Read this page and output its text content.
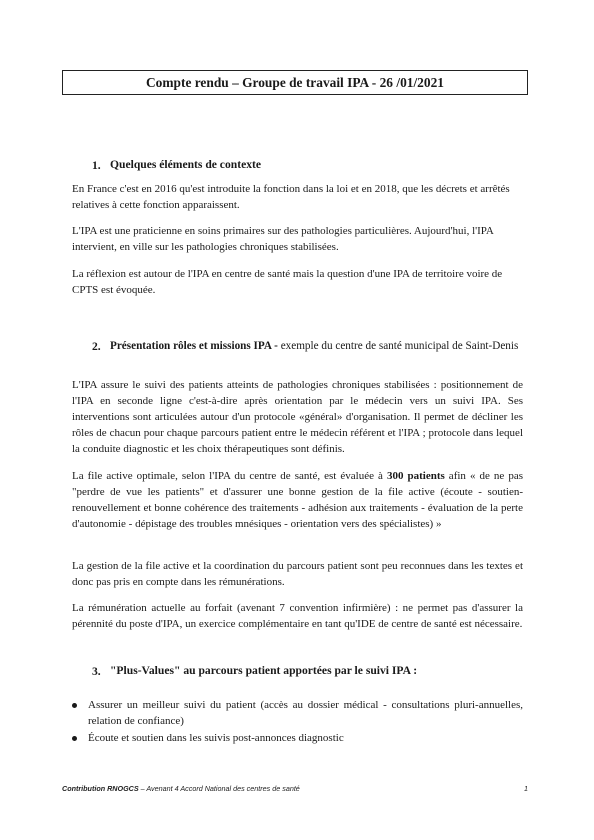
Compte rendu – Groupe de travail IPA - 26 /01/2021
1. Quelques éléments de contexte

En France c'est en 2016 qu'est introduite la fonction dans la loi et en 2018, que les décrets et arrêtés relatives à cette fonction apparaissent.

L'IPA est une praticienne en soins primaires sur des pathologies particulières. Aujourd'hui, l'IPA intervient, en ville sur les pathologies chroniques stabilisées.

La réflexion est autour de l'IPA en centre de santé mais la question d'une IPA de territoire voire de CPTS est évoquée.

2. Présentation rôles et missions IPA - exemple du centre de santé municipal de Saint-Denis

L'IPA assure le suivi des patients atteints de pathologies chroniques stabilisées : positionnement de l'IPA en seconde ligne c'est-à-dire après orientation par le médecin vers un suivi IPA. Ses interventions sont articulées autour d'un protocole «général» d'organisation. Il permet de décliner les rôles de chacun pour chaque parcours patient entre le médecin référent et l'IPA ; protocole dans lequel la conduite diagnostic et les choix thérapeutiques sont définis.

La file active optimale, selon l'IPA du centre de santé, est évaluée à 300 patients afin « de ne pas "perdre de vue les patients" et d'assurer une bonne gestion de la file active (écoute - soutien- renouvellement et bonne cohérence des traitements - adhésion aux traitements - évaluation de la perte d'autonomie - dépistage des troubles mnésiques - orientation vers des spécialistes) »

La gestion de la file active et la coordination du parcours patient sont peu reconnues dans les textes et donc pas pris en compte dans les rémunérations.

La rémunération actuelle au forfait (avenant 7 convention infirmière) : ne permet pas d'assurer la pérennité du poste d'IPA, un exercice complémentaire en tant qu'IDE de centre de santé est nécessaire.

3. "Plus-Values" au parcours patient apportées par le suivi IPA :
Assurer un meilleur suivi du patient (accès au dossier médical - consultations pluri-annuelles, relation de confiance)
Écoute et soutien dans les suivis post-annonces diagnostic
Contribution RNOGCS – Avenant 4 Accord National des centres de santé	1
